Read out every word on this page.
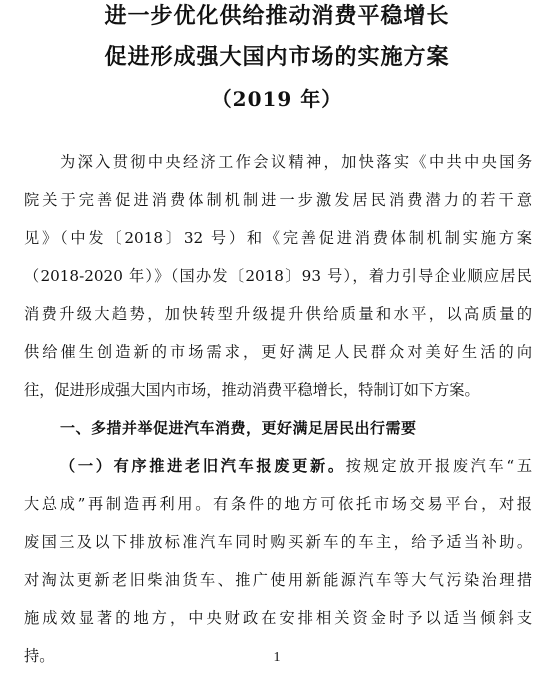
进一步优化供给推动消费平稳增长
促进形成强大国内市场的实施方案
（2019 年）
为深入贯彻中央经济工作会议精神，加快落实《中共中央国务
院关于完善促进消费体制机制进一步激发居民消费潜力的若干意
见》（中发〔2018〕32 号）和《完善促进消费体制机制实施方案
（2018-2020 年）》（国办发〔2018〕93 号），着力引导企业顺应居民
消费升级大趋势，加快转型升级提升供给质量和水平，以高质量的
供给催生创造新的市场需求，更好满足人民群众对美好生活的向
往，促进形成强大国内市场，推动消费平稳增长，特制订如下方案。
一、多措并举促进汽车消费，更好满足居民出行需要
（一）有序推进老旧汽车报废更新。按规定放开报废汽车“五
大总成”再制造再利用。有条件的地方可依托市场交易平台，对报
废国三及以下排放标准汽车同时购买新车的车主，给予适当补助。
对淘汰更新老旧柴油货车、推广使用新能源汽车等大气污染治理措
施成效显著的地方，中央财政在安排相关资金时予以适当倾斜支
持。	1
